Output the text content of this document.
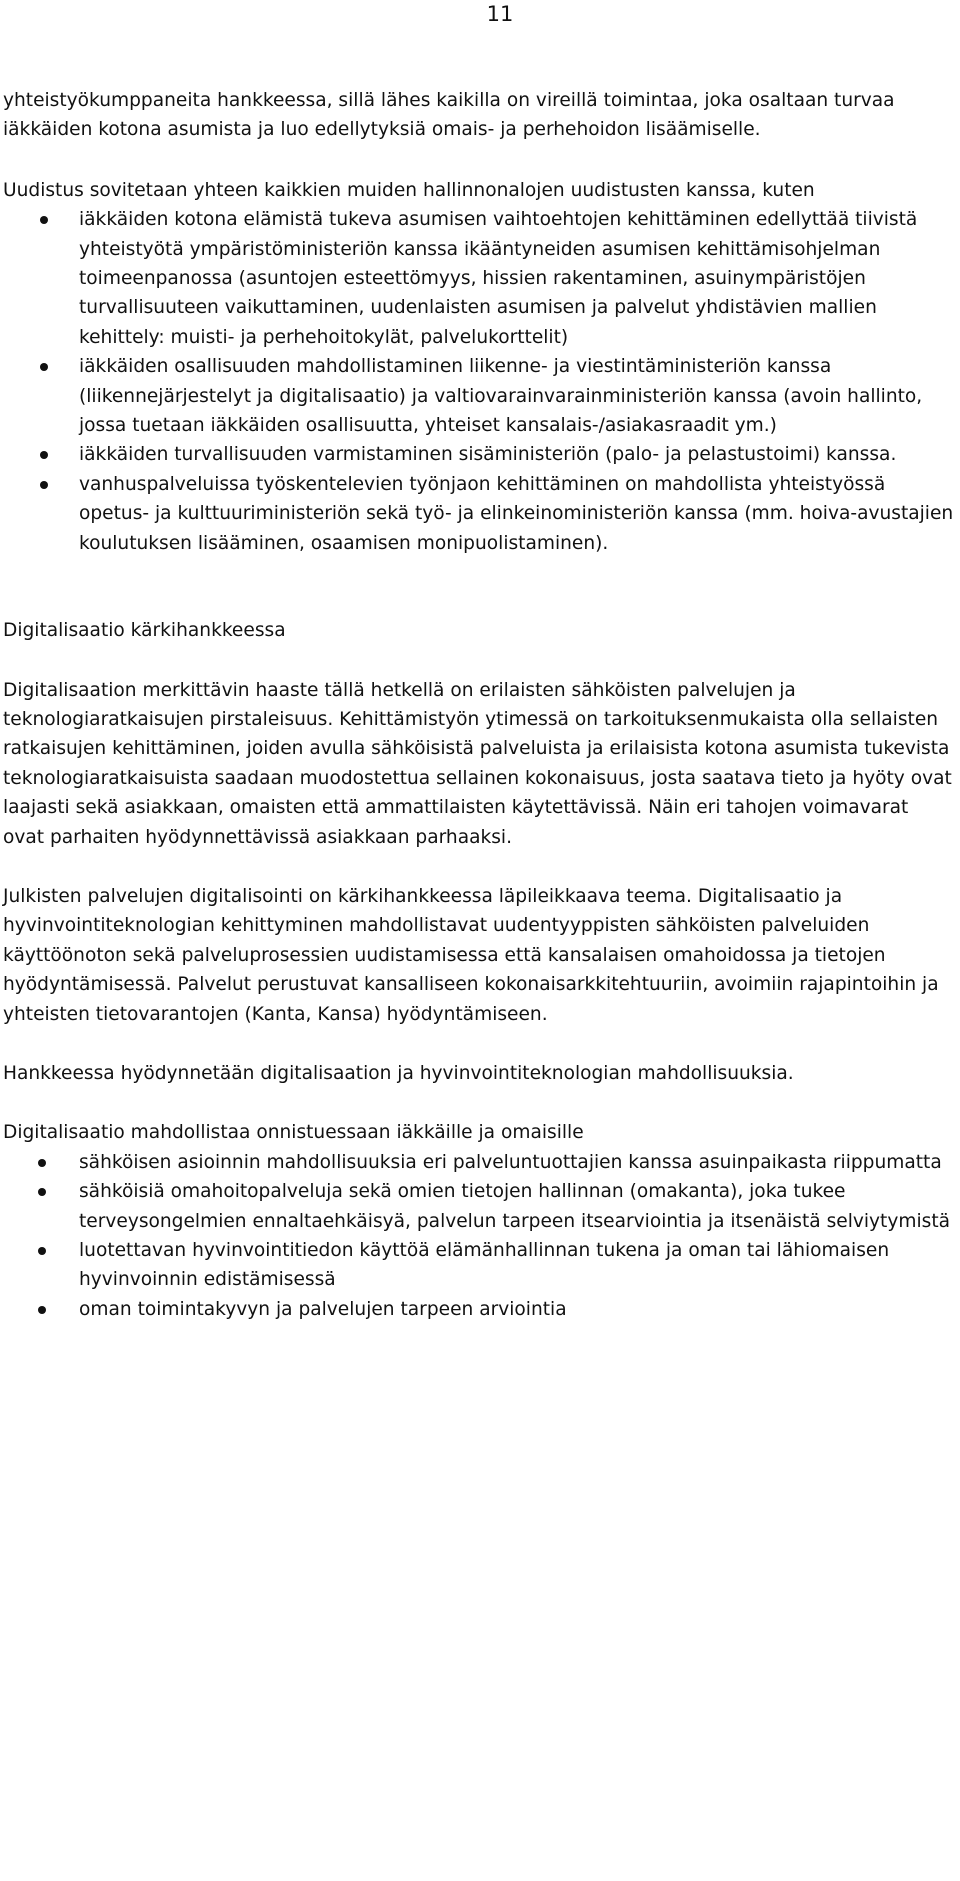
11

yhteistyökumppaneita hankkeessa, sillä lähes kaikilla on vireillä toimintaa, joka osaltaan turvaa iäkkäiden kotona asumista ja luo edellytyksiä omais- ja perhehoidon lisäämiselle.

Uudistus sovitetaan yhteen kaikkien muiden hallinnonalojen uudistusten kanssa, kuten

iäkkäiden kotona elämistä tukeva asumisen vaihtoehtojen kehittäminen edellyttää tiivistä yhteistyötä ympäristöministeriön kanssa ikääntyneiden asumisen kehittämisohjelman toimeenpanossa (asuntojen esteettömyys, hissien rakentaminen, asuinympäristöjen turvallisuuteen vaikuttaminen, uudenlaisten asumisen ja palvelut yhdistävien mallien kehittely: muisti- ja perhehoitokylät, palvelukorttelit)
iäkkäiden osallisuuden mahdollistaminen liikenne- ja viestintäministeriön kanssa (liikennejärjestelyt ja digitalisaatio) ja valtiovarainvarainministeriön kanssa (avoin hallinto, jossa tuetaan iäkkäiden osallisuutta, yhteiset kansalais-/asiakasraadit ym.)
iäkkäiden turvallisuuden varmistaminen sisäministeriön (palo- ja pelastustoimi) kanssa.
vanhuspalveluissa työskentelevien työnjaon kehittäminen on mahdollista yhteistyössä opetus- ja kulttuuriministeriön sekä työ- ja elinkeinoministeriön kanssa (mm. hoiva-avustajien koulutuksen lisääminen, osaamisen monipuolistaminen).

Digitalisaatio kärkihankkeessa

Digitalisaation merkittävin haaste tällä hetkellä on erilaisten sähköisten palvelujen ja teknologiaratkaisujen pirstaleisuus. Kehittämistyön ytimessä on tarkoituksenmukaista olla sellaisten ratkaisujen kehittäminen, joiden avulla sähköisistä palveluista ja erilaisista kotona asumista tukevista teknologiaratkaisuista saadaan muodostettua sellainen kokonaisuus, josta saatava tieto ja hyöty ovat laajasti sekä asiakkaan, omaisten että ammattilaisten käytettävissä. Näin eri tahojen voimavarat ovat parhaiten hyödynnettävissä asiakkaan parhaaksi.

Julkisten palvelujen digitalisointi on kärkihankkeessa läpileikkaava teema. Digitalisaatio ja hyvinvointiteknologian kehittyminen mahdollistavat uudentyyppisten sähköisten palveluiden käyttöönoton sekä palveluprosessien uudistamisessa että kansalaisen omahoidossa ja tietojen hyödyntämisessä. Palvelut perustuvat kansalliseen kokonaisarkkitehtuuriin, avoimiin rajapintoihin ja yhteisten tietovarantojen (Kanta, Kansa) hyödyntämiseen.

Hankkeessa hyödynnetään digitalisaation ja hyvinvointiteknologian mahdollisuuksia.

Digitalisaatio mahdollistaa onnistuessaan iäkkäille ja omaisille

sähköisen asioinnin mahdollisuuksia eri palveluntuottajien kanssa asuinpaikasta riippumatta
sähköisiä omahoitopalveluja sekä omien tietojen hallinnan (omakanta), joka tukee terveysongelmien ennaltaehkäisyä, palvelun tarpeen itsearviointia ja itsenäistä selviytymistä
luotettavan hyvinvointitiedon käyttöä elämänhallinnan tukena ja oman tai lähiomaisen hyvinvoinnin edistämisessä
oman toimintakyvyn ja palvelujen tarpeen arviointia
